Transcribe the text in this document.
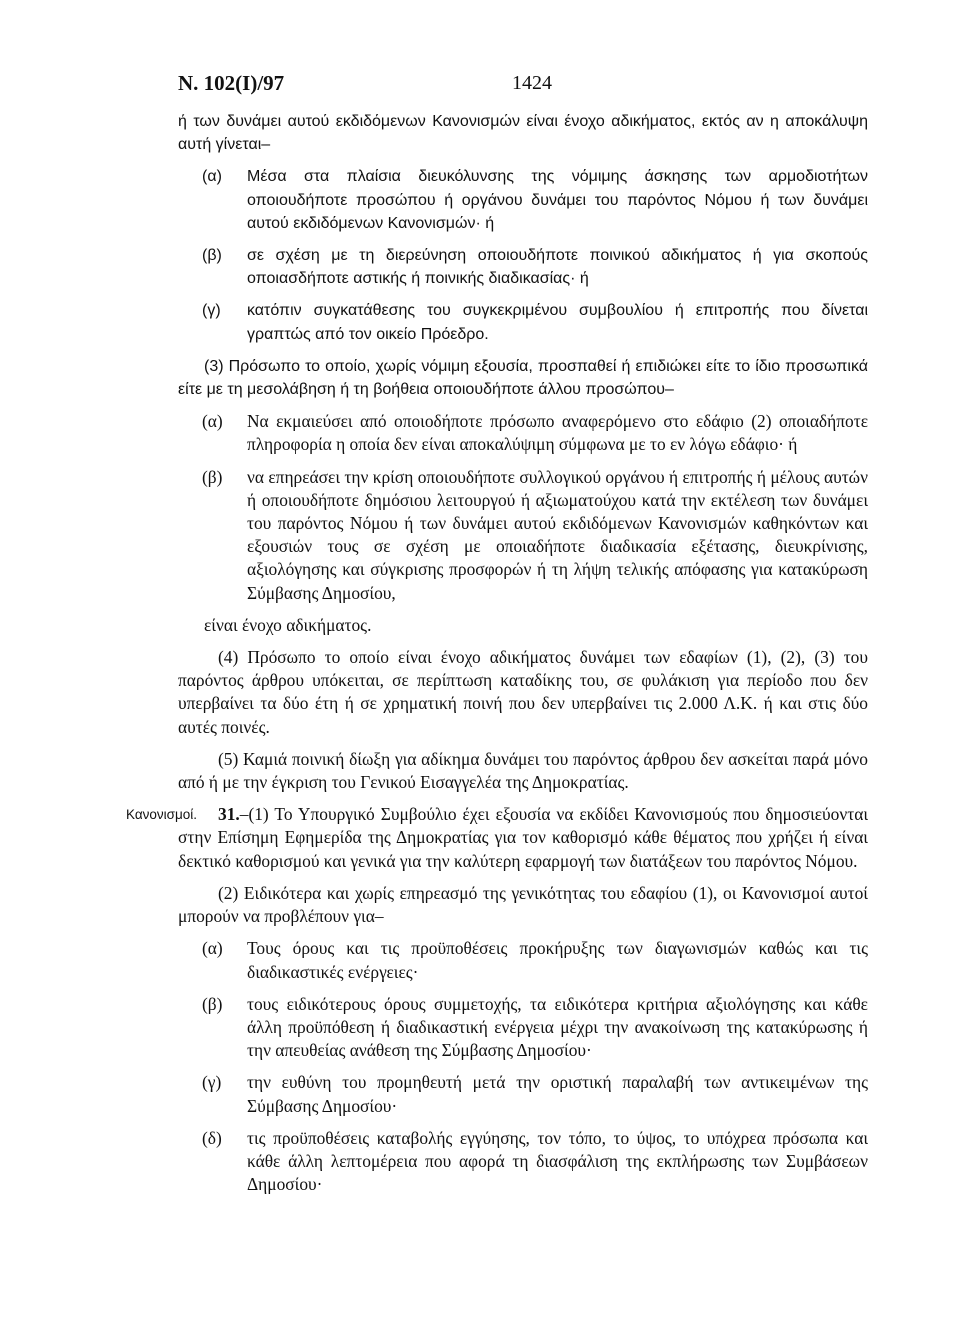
Ν. 102(Ι)/97	1424

ή των δυνάμει αυτού εκδιδόμενων Κανονισμών είναι ένοχο αδικήματος, εκτός αν η αποκάλυψη αυτή γίνεται–

(α) Μέσα στα πλαίσια διευκόλυνσης της νόμιμης άσκησης των αρμοδιοτήτων οποιουδήποτε προσώπου ή οργάνου δυνάμει του παρόντος Νόμου ή των δυνάμει αυτού εκδιδόμενων Κανονισμών· ή
(β) σε σχέση με τη διερεύνηση οποιουδήποτε ποινικού αδικήματος ή για σκοπούς οποιασδήποτε αστικής ή ποινικής διαδικασίας· ή
(γ) κατόπιν συγκατάθεσης του συγκεκριμένου συμβουλίου ή επιτροπής που δίνεται γραπτώς από τον οικείο Πρόεδρο.

(3) Πρόσωπο το οποίο, χωρίς νόμιμη εξουσία, προσπαθεί ή επιδιώκει είτε το ίδιο προσωπικά είτε με τη μεσολάβηση ή τη βοήθεια οποιουδήποτε άλλου προσώπου–

(α) Να εκμαιεύσει από οποιοδήποτε πρόσωπο αναφερόμενο στο εδάφιο (2) οποιαδήποτε πληροφορία η οποία δεν είναι αποκαλύψιμη σύμφωνα με το εν λόγω εδάφιο· ή
(β) να επηρεάσει την κρίση οποιουδήποτε συλλογικού οργάνου ή επιτροπής ή μέλους αυτών ή οποιουδήποτε δημόσιου λειτουργού ή αξιωματούχου κατά την εκτέλεση των δυνάμει του παρόντος Νόμου ή των δυνάμει αυτού εκδιδόμενων Κανονισμών καθηκόντων και εξουσιών τους σε σχέση με οποιαδήποτε διαδικασία εξέτασης, διευκρίνισης, αξιολόγησης και σύγκρισης προσφορών ή τη λήψη τελικής απόφασης για κατακύρωση Σύμβασης Δημοσίου,

είναι ένοχο αδικήματος.

(4) Πρόσωπο το οποίο είναι ένοχο αδικήματος δυνάμει των εδαφίων (1), (2), (3) του παρόντος άρθρου υπόκειται, σε περίπτωση καταδίκης του, σε φυλάκιση για περίοδο που δεν υπερβαίνει τα δύο έτη ή σε χρηματική ποινή που δεν υπερβαίνει τις 2.000 Λ.Κ. ή και στις δύο αυτές ποινές.

(5) Καμιά ποινική δίωξη για αδίκημα δυνάμει του παρόντος άρθρου δεν ασκείται παρά μόνο από ή με την έγκριση του Γενικού Εισαγγελέα της Δημοκρατίας.

Κανονισμοί. 31.–(1) Το Υπουργικό Συμβούλιο έχει εξουσία να εκδίδει Κανονισμούς που δημοσιεύονται στην Επίσημη Εφημερίδα της Δημοκρατίας για τον καθορισμό κάθε θέματος που χρήζει ή είναι δεκτικό καθορισμού και γενικά για την καλύτερη εφαρμογή των διατάξεων του παρόντος Νόμου.

(2) Ειδικότερα και χωρίς επηρεασμό της γενικότητας του εδαφίου (1), οι Κανονισμοί αυτοί μπορούν να προβλέπουν για–

(α) Τους όρους και τις προϋποθέσεις προκήρυξης των διαγωνισμών καθώς και τις διαδικαστικές ενέργειες·
(β) τους ειδικότερους όρους συμμετοχής, τα ειδικότερα κριτήρια αξιολόγησης και κάθε άλλη προϋπόθεση ή διαδικαστική ενέργεια μέχρι την ανακοίνωση της κατακύρωσης ή την απευθείας ανάθεση της Σύμβασης Δημοσίου·
(γ) την ευθύνη του προμηθευτή μετά την οριστική παραλαβή των αντικειμένων της Σύμβασης Δημοσίου·
(δ) τις προϋποθέσεις καταβολής εγγύησης, τον τόπο, το ύψος, το υπόχρεα πρόσωπα και κάθε άλλη λεπτομέρεια που αφορά τη διασφάλιση της εκπλήρωσης των Συμβάσεων Δημοσίου·
